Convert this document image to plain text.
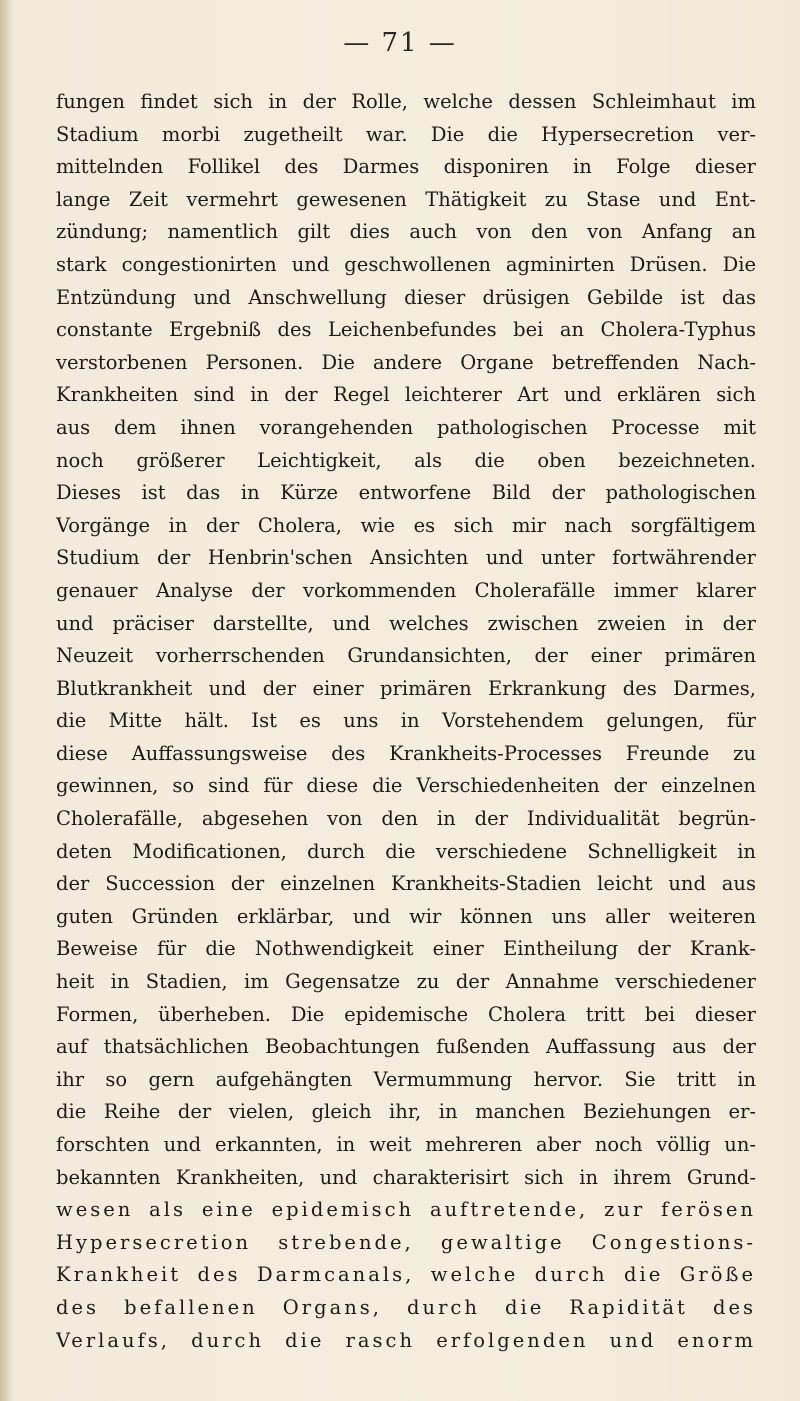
— 71 —
fungen findet sich in der Rolle, welche dessen Schleimhaut im
Stadium morbi zugetheilt war. Die die Hypersecretion ver-
mittelnden Follikel des Darmes disponiren in Folge dieser
lange Zeit vermehrt gewesenen Thätigkeit zu Stase und Ent-
zündung; namentlich gilt dies auch von den von Anfang an
stark congestionirten und geschwollenen agminirten Drüsen. Die
Entzündung und Anschwellung dieser drüsigen Gebilde ist das
constante Ergebniß des Leichenbefundes bei an Cholera-Typhus
verstorbenen Personen. Die andere Organe betreffenden Nach-
Krankheiten sind in der Regel leichterer Art und erklären sich
aus dem ihnen vorangehenden pathologischen Processe mit
noch größerer Leichtigkeit, als die oben bezeichneten.
Dieses ist das in Kürze entworfene Bild der pathologischen
Vorgänge in der Cholera, wie es sich mir nach sorgfältigem
Studium der Henbrin'schen Ansichten und unter fortwährender
genauer Analyse der vorkommenden Cholerafälle immer klarer
und präciser darstellte, und welches zwischen zweien in der
Neuzeit vorherrschenden Grundansichten, der einer primären
Blutkrankheit und der einer primären Erkrankung des Darmes,
die Mitte hält. Ist es uns in Vorstehendem gelungen, für
diese Auffassungsweise des Krankheits-Processes Freunde zu
gewinnen, so sind für diese die Verschiedenheiten der einzelnen
Cholerafälle, abgesehen von den in der Individualität begrün-
deten Modificationen, durch die verschiedene Schnelligkeit in
der Succession der einzelnen Krankheits-Stadien leicht und aus
guten Gründen erklärbar, und wir können uns aller weiteren
Beweise für die Nothwendigkeit einer Eintheilung der Krank-
heit in Stadien, im Gegensatze zu der Annahme verschiedener
Formen, überheben. Die epidemische Cholera tritt bei dieser
auf thatsächlichen Beobachtungen fußenden Auffassung aus der
ihr so gern aufgehängten Vermummung hervor. Sie tritt in
die Reihe der vielen, gleich ihr, in manchen Beziehungen er-
forschten und erkannten, in weit mehreren aber noch völlig un-
bekannten Krankheiten, und charakterisirt sich in ihrem Grund-
wesen als eine epidemisch auftretende, zur ferösen
Hypersecretion strebende, gewaltige Congestions-
Krankheit des Darmcanals, welche durch die Größe
des befallenen Organs, durch die Rapidität des
Verlaufs, durch die rasch erfolgenden und enorm
